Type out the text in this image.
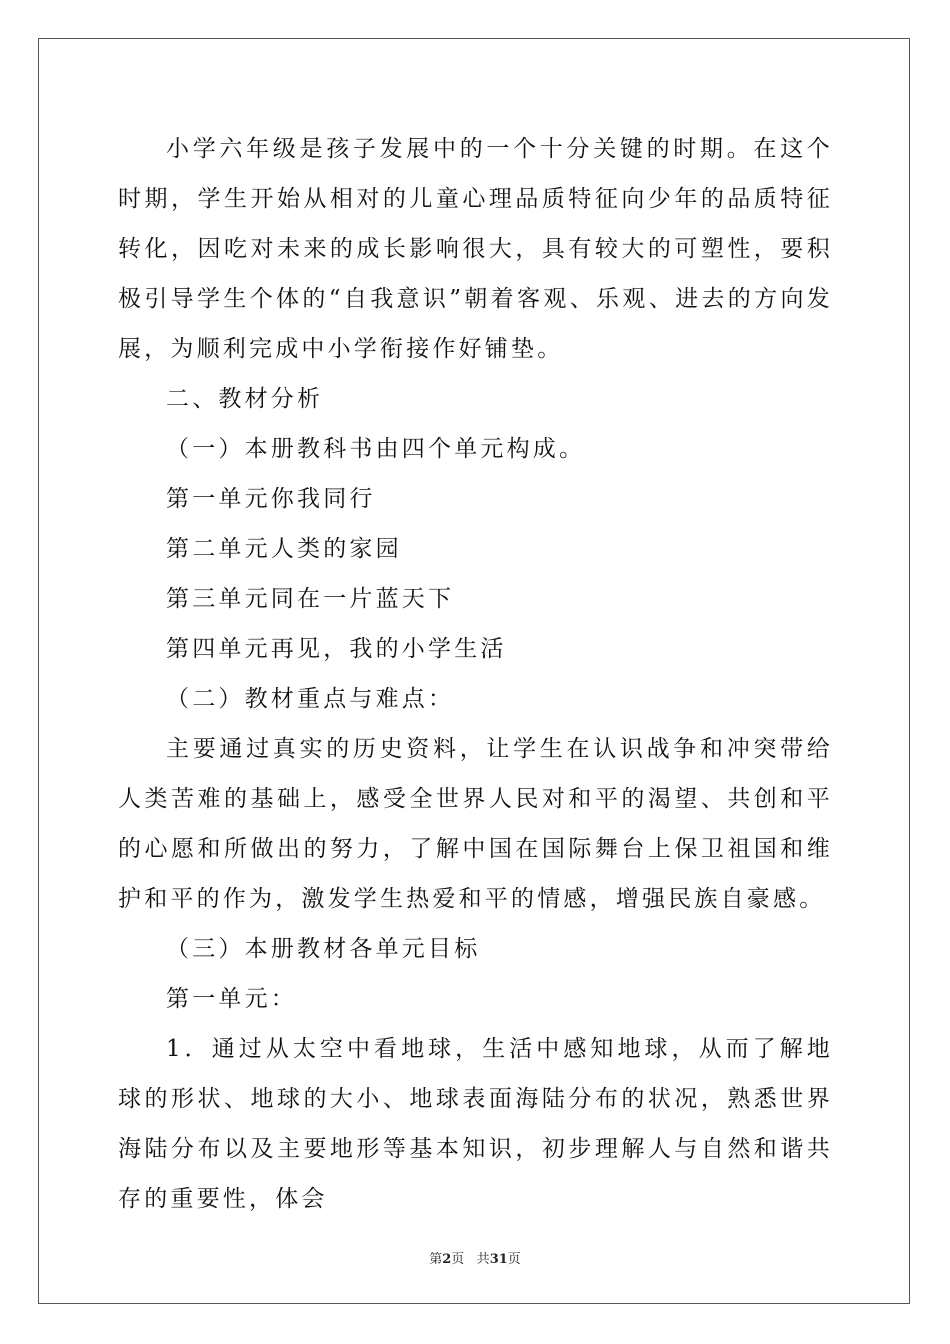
小学六年级是孩子发展中的一个十分关键的时期。在这个时期，学生开始从相对的儿童心理品质特征向少年的品质特征转化，因吃对未来的成长影响很大，具有较大的可塑性，要积极引导学生个体的“自我意识”朝着客观、乐观、进去的方向发展，为顺利完成中小学衔接作好铺垫。

二、教材分析

（一）本册教科书由四个单元构成。

第一单元你我同行

第二单元人类的家园

第三单元同在一片蓝天下

第四单元再见，我的小学生活

（二）教材重点与难点：

主要通过真实的历史资料，让学生在认识战争和冲突带给人类苦难的基础上，感受全世界人民对和平的渴望、共创和平的心愿和所做出的努力，了解中国在国际舞台上保卫祖国和维护和平的作为，激发学生热爱和平的情感，增强民族自豪感。

（三）本册教材各单元目标

第一单元：

1．通过从太空中看地球，生活中感知地球，从而了解地球的形状、地球的大小、地球表面海陆分布的状况，熟悉世界海陆分布以及主要地形等基本知识，初步理解人与自然和谐共存的重要性，体会

第2页 共31页
